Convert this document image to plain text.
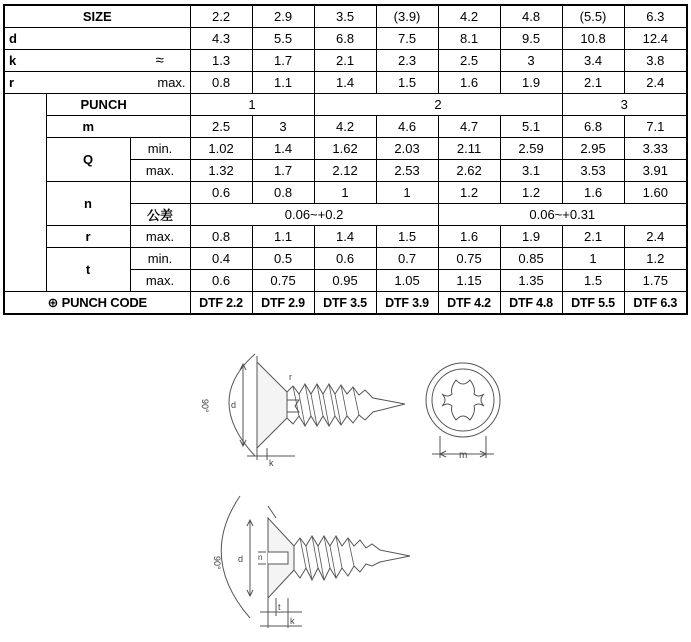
SIZE			2.2	2.9	3.5	(3.9)	4.2	4.8	(5.5)	6.3
d			4.3	5.5	6.8	7.5	8.1	9.5	10.8	12.4
k		≈	1.3	1.7	2.1	2.3	2.5	3	3.4	3.8
r		max.	0.8	1.1	1.4	1.5	1.6	1.9	2.1	2.4
	PUNCH		1		2				3	
	m		2.5	3	4.2	4.6	4.7	5.1	6.8	7.1
	Q	min.	1.02	1.4	1.62	2.03	2.11	2.59	2.95	3.33
		max.	1.32	1.7	2.12	2.53	2.62	3.1	3.53	3.91
	n		0.6	0.8	1	1	1.2	1.2	1.6	1.60
		公差	0.06~+0.2				0.06~+0.31			
	r	max.	0.8	1.1	1.4	1.5	1.6	1.9	2.1	2.4
	t	min.	0.4	0.5	0.6	0.7	0.75	0.85	1	1.2
		max.	0.6	0.75	0.95	1.05	1.15	1.35	1.5	1.75
⊕ PUNCH CODE			DTF 2.2	DTF 2.9	DTF 3.5	DTF 3.9	DTF 4.2	DTF 4.8	DTF 5.5	DTF 6.3
d
k
90°
r
m
d n
t
k
90°
